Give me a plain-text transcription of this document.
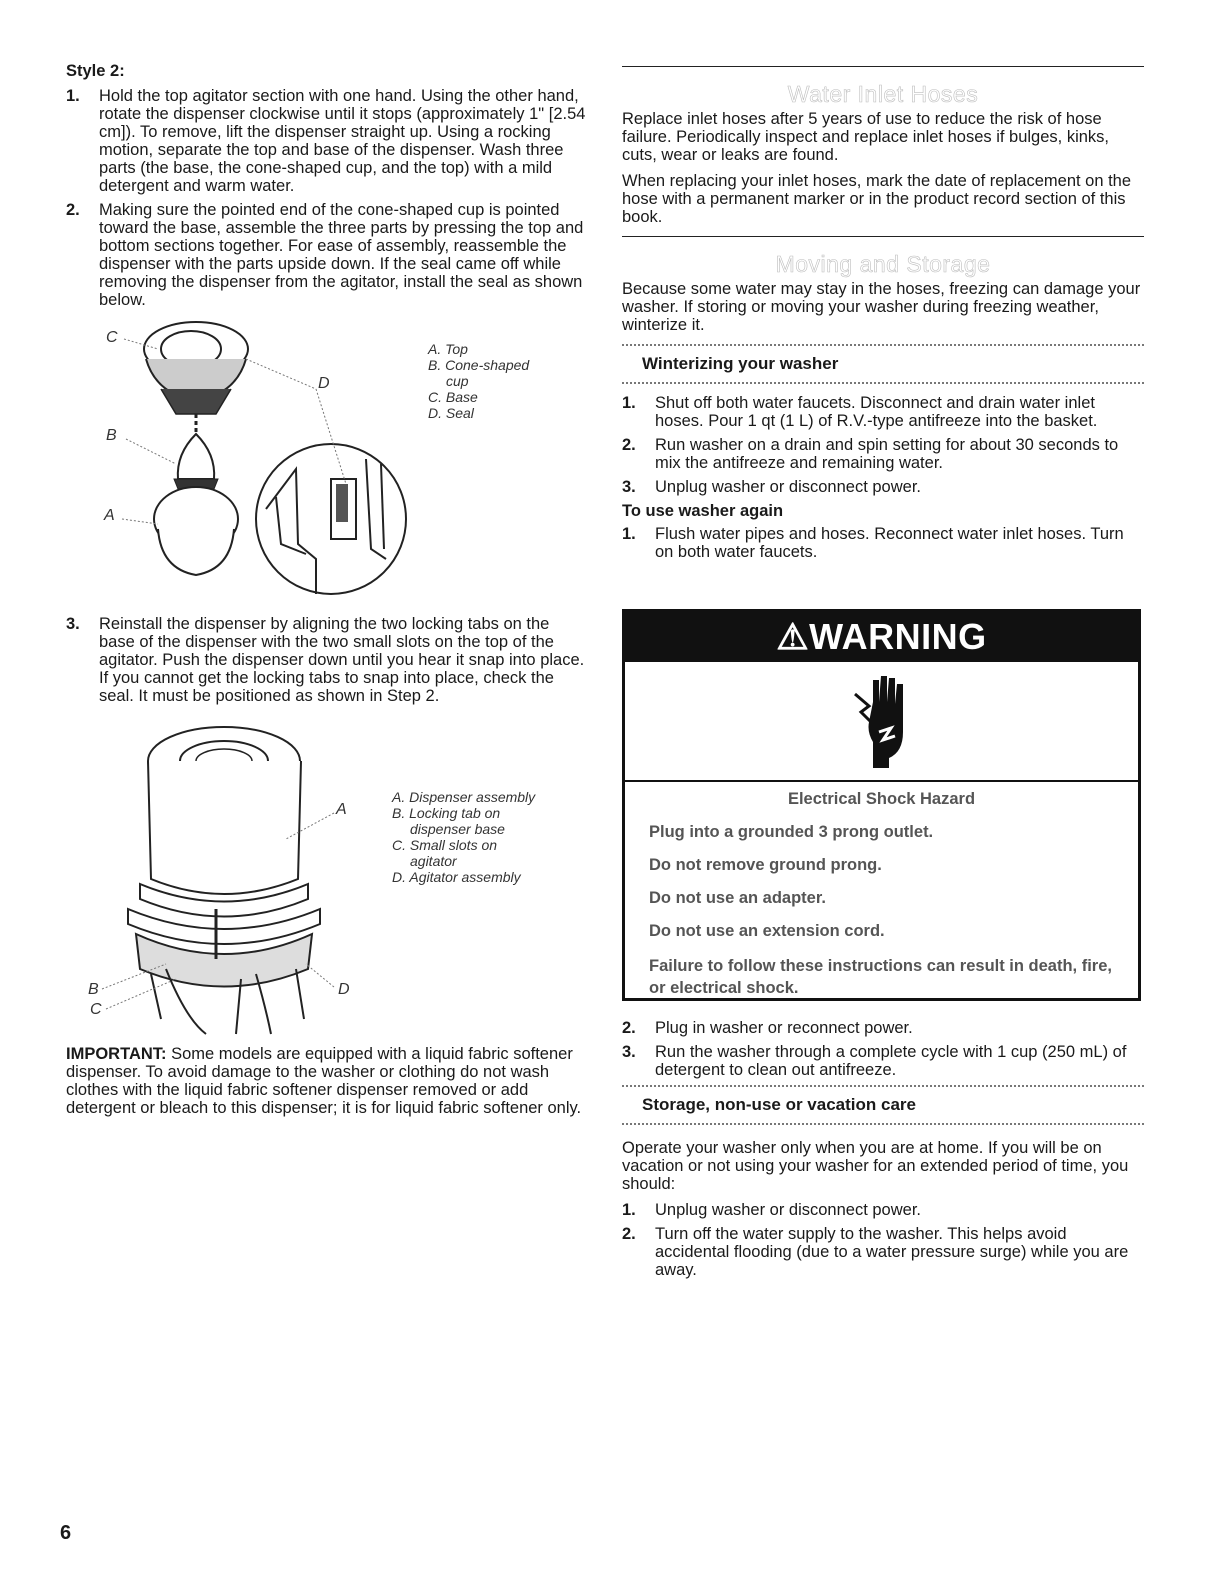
Style 2:

1. Hold the top agitator section with one hand. Using the other hand, rotate the dispenser clockwise until it stops (approximately 1" [2.54 cm]). To remove, lift the dispenser straight up. Using a rocking motion, separate the top and base of the dispenser. Wash three parts (the base, the cone-shaped cup, and the top) with a mild detergent and warm water.
2. Making sure the pointed end of the cone-shaped cup is pointed toward the base, assemble the three parts by pressing the top and bottom sections together. For ease of assembly, reassemble the dispenser with the parts upside down. If the seal came off while removing the dispenser from the agitator, install the seal as shown below.
C
D
B
A
A. Top
B. Cone-shaped
cup
C. Base
D. Seal
3. Reinstall the dispenser by aligning the two locking tabs on the base of the dispenser with the two small slots on the top of the agitator. Push the dispenser down until you hear it snap into place. If you cannot get the locking tabs to snap into place, check the seal. It must be positioned as shown in Step 2.
A
B
C
D
A. Dispenser assembly
B. Locking tab on
dispenser base
C. Small slots on
agitator
D. Agitator assembly

IMPORTANT: Some models are equipped with a liquid fabric softener dispenser. To avoid damage to the washer or clothing do not wash clothes with the liquid fabric softener dispenser removed or add detergent or bleach to this dispenser; it is for liquid fabric softener only.

Water Inlet Hoses

Replace inlet hoses after 5 years of use to reduce the risk of hose failure. Periodically inspect and replace inlet hoses if bulges, kinks, cuts, wear or leaks are found.

When replacing your inlet hoses, mark the date of replacement on the hose with a permanent marker or in the product record section of this book.

Moving and Storage

Because some water may stay in the hoses, freezing can damage your washer. If storing or moving your washer during freezing weather, winterize it.

Winterizing your washer

1. Shut off both water faucets. Disconnect and drain water inlet hoses. Pour 1 qt (1 L) of R.V.-type antifreeze into the basket.
2. Run washer on a drain and spin setting for about 30 seconds to mix the antifreeze and remaining water.
3. Unplug washer or disconnect power.

To use washer again

1. Flush water pipes and hoses. Reconnect water inlet hoses. Turn on both water faucets.
⚠WARNING

Electrical Shock Hazard

Plug into a grounded 3 prong outlet.

Do not remove ground prong.

Do not use an adapter.

Do not use an extension cord.

Failure to follow these instructions can result in death, fire, or electrical shock.

2. Plug in washer or reconnect power.
3. Run the washer through a complete cycle with 1 cup (250 mL) of detergent to clean out antifreeze.

Storage, non-use or vacation care

Operate your washer only when you are at home. If you will be on vacation or not using your washer for an extended period of time, you should:

1. Unplug washer or disconnect power.
2. Turn off the water supply to the washer. This helps avoid accidental flooding (due to a water pressure surge) while you are away.
6
